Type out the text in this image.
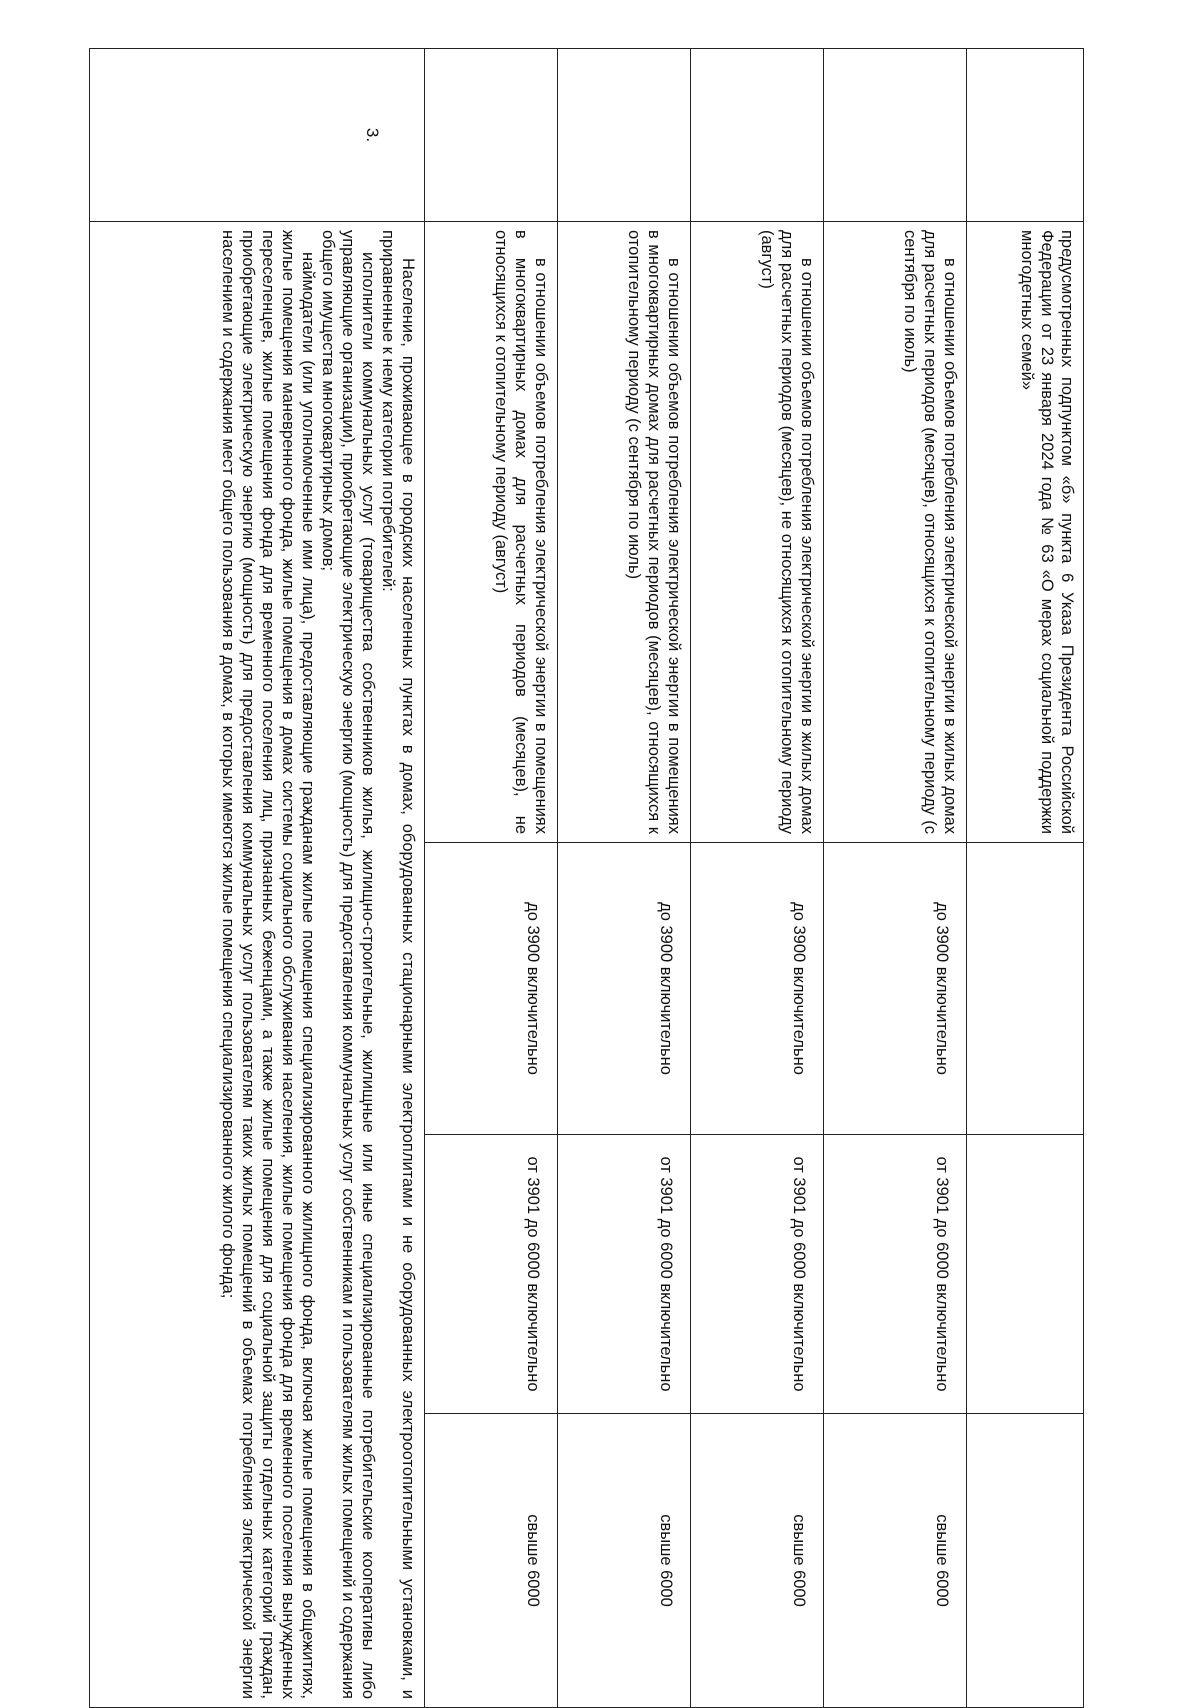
	предусмотренных подпунктом «б» пункта 6 Указа Президента Российской Федерации от 23 января 2024 года № 63 «О мерах социальной поддержки многодетных семей»			

	в отношении объемов потребления электрической энергии в жилых домах для расчетных периодов (месяцев), относящихся к отопительному периоду (с сентября по июль)	до 3900 включительно	от 3901 до 6000 включительно	свыше 6000

	в отношении объемов потребления электрической энергии в жилых домах для расчетных периодов (месяцев), не относящихся к отопительному периоду (август)	до 3900 включительно	от 3901 до 6000 включительно	свыше 6000

	в отношении объемов потребления электрической энергии в помещениях в многоквартирных домах для расчетных периодов (месяцев), относящихся к отопительному периоду (с сентября по июль)	до 3900 включительно	от 3901 до 6000 включительно	свыше 6000

	в отношении объемов потребления электрической энергии в помещениях в многоквартирных домах для расчетных периодов (месяцев), не относящихся к отопительному периоду (август)	до 3900 включительно	от 3901 до 6000 включительно	свыше 6000

3.	Население, проживающее в городских населенных пунктах в домах, оборудованных стационарными электроплитами и не оборудованных электроотопительными установками, и приравненные к нему категории потребителей:
исполнители коммунальных услуг (товарищества собственников жилья, жилищно-строительные, жилищные или иные специализированные потребительские кооперативы либо управляющие организации), приобретающие электрическую энергию (мощность) для предоставления коммунальных услуг собственникам и пользователям жилых помещений и содержания общего имущества многоквартирных домов;
наймодатели (или уполномоченные ими лица), предоставляющие гражданам жилые помещения специализированного жилищного фонда, включая жилые помещения в общежитиях, жилые помещения маневренного фонда, жилые помещения в домах системы социального обслуживания населения, жилые помещения фонда для временного поселения вынужденных переселенцев, жилые помещения фонда для временного поселения лиц, признанных беженцами, а также жилые помещения для социальной защиты отдельных категорий граждан, приобретающие электрическую энергию (мощность) для предоставления коммунальных услуг пользователям таких жилых помещений в объемах потребления электрической энергии населением и содержания мест общего пользования в домах, в которых имеются жилые помещения специализированного жилого фонда;			
